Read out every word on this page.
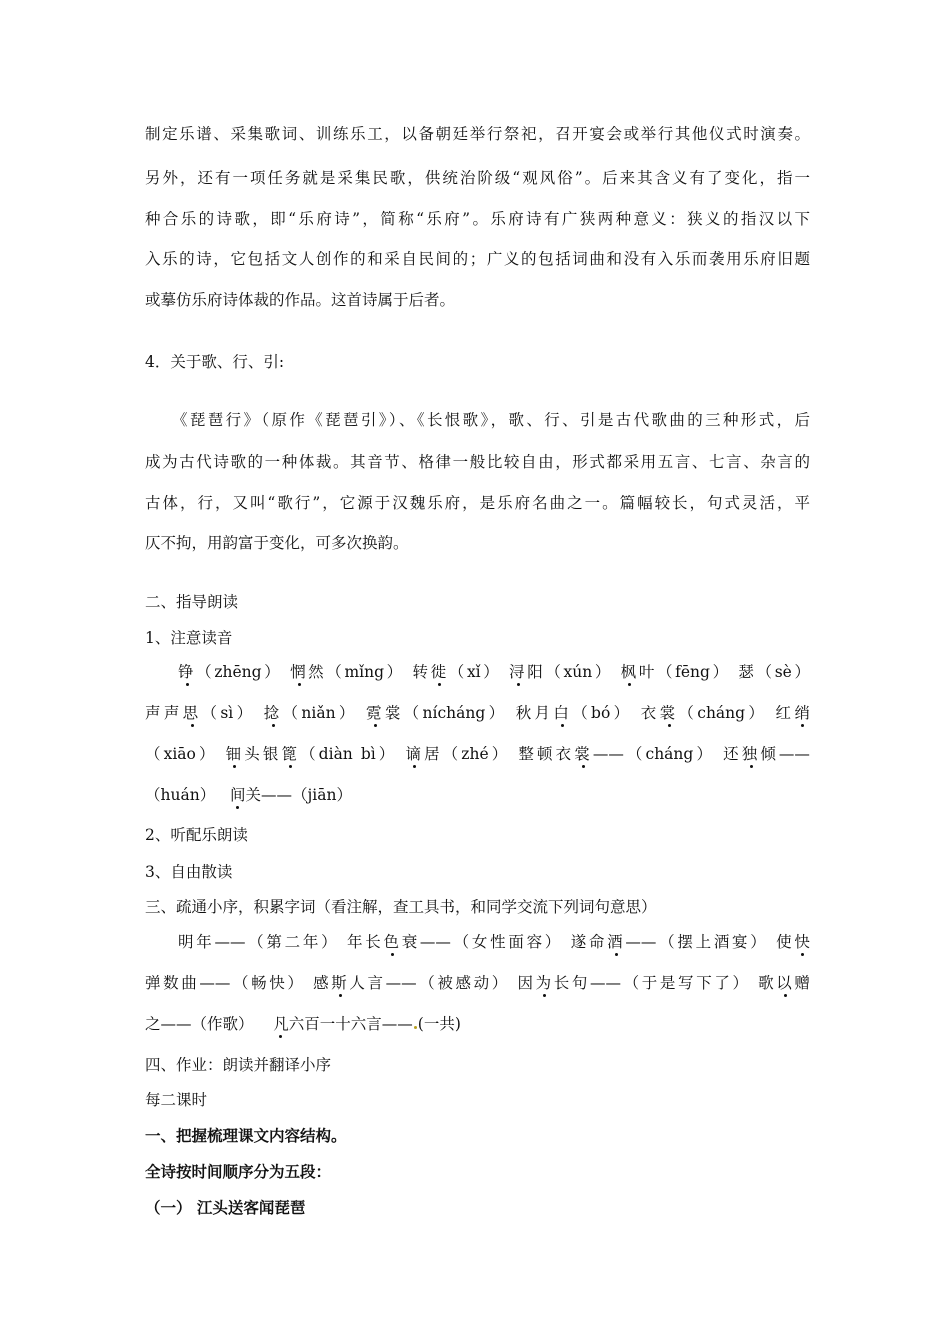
制定乐谱、采集歌词、训练乐工，以备朝廷举行祭祀，召开宴会或举行其他仪式时演奏。
另外，还有一项任务就是采集民歌，供统治阶级“观风俗”。后来其含义有了变化，指一
种合乐的诗歌，即“乐府诗”，简称“乐府”。乐府诗有广狭两种意义：狭义的指汉以下
入乐的诗，它包括文人创作的和采自民间的；广义的包括词曲和没有入乐而袭用乐府旧题
或摹仿乐府诗体裁的作品。这首诗属于后者。
4．关于歌、行、引:
《琵琶行》（原作《琵琶引》）、《长恨歌》，歌、行、引是古代歌曲的三种形式，后
成为古代诗歌的一种体裁。其音节、格律一般比较自由，形式都采用五言、七言、杂言的
古体，行，又叫“歌行”，它源于汉魏乐府，是乐府名曲之一。篇幅较长，句式灵活，平
仄不拘，用韵富于变化，可多次换韵。
二、指导朗读
1、注意读音
铮（zhēng） 惘然（mǐng） 转徙（xǐ） 浔阳（xún） 枫叶（fēng） 瑟（sè）
声声思（sì） 捻（niǎn） 霓裳（nícháng） 秋月白（bó） 衣裳（cháng） 红绡
（xiāo） 钿头银篦（diàn bì） 谪居（zhé） 整顿衣裳——（cháng） 还独倾——
（huán） 间关——（jiān）
2、听配乐朗读
3、自由散读
三、疏通小序，积累字词（看注解，查工具书，和同学交流下列词句意思）
明年——（第二年） 年长色衰——（女性面容） 遂命酒——（摆上酒宴） 使快
弹数曲——（畅快） 感斯人言——（被感动） 因为长句——（于是写下了） 歌以赠
之——（作歌） 凡六百一十六言—— (一共)
四、作业：朗读并翻译小序
每二课时
一、把握梳理课文内容结构。
全诗按时间顺序分为五段：
（一） 江头送客闻琵琶
